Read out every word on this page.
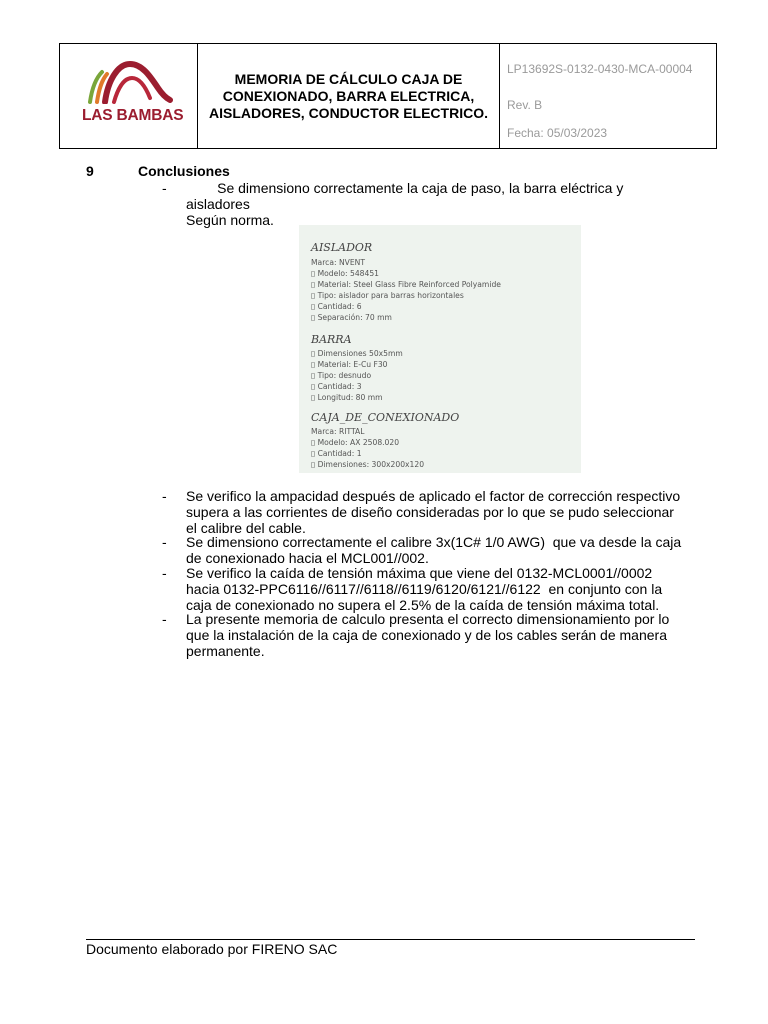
LAS BAMBAS
MEMORIA DE CÁLCULO CAJA DE
CONEXIONADO, BARRA ELECTRICA,
AISLADORES, CONDUCTOR ELECTRICO.
LP13692S-0132-0430-MCA-00004
Rev. B
Fecha: 05/03/2023
9	Conclusiones
- Se dimensiono correctamente la caja de paso, la barra eléctrica y
aisladores
Según norma.
- Se verifico la ampacidad después de aplicado el factor de corrección respectivo
supera a las corrientes de diseño consideradas por lo que se pudo seleccionar
el calibre del cable.
- Se dimensiono correctamente el calibre 3x(1C# 1/0 AWG)  que va desde la caja
de conexionado hacia el MCL001//002.
- Se verifico la caída de tensión máxima que viene del 0132-MCL0001//0002
hacia 0132-PPC6116//6117//6118//6119/6120/6121//6122  en conjunto con la
caja de conexionado no supera el 2.5% de la caída de tensión máxima total.
- La presente memoria de calculo presenta el correcto dimensionamiento por lo
que la instalación de la caja de conexionado y de los cables serán de manera
permanente.
AISLADOR
Marca: NVENT
▯ Modelo: 548451
▯ Material: Steel Glass Fibre Reinforced Polyamide
▯ Tipo: aislador para barras horizontales
▯ Cantidad: 6
▯ Separación: 70 mm
BARRA
▯ Dimensiones 50x5mm
▯ Material: E-Cu F30
▯ Tipo: desnudo
▯ Cantidad: 3
▯ Longitud: 80 mm
CAJA_DE_CONEXIONADO
Marca: RITTAL
▯ Modelo: AX 2508.020
▯ Cantidad: 1
▯ Dimensiones: 300x200x120
Documento elaborado por FIRENO SAC
